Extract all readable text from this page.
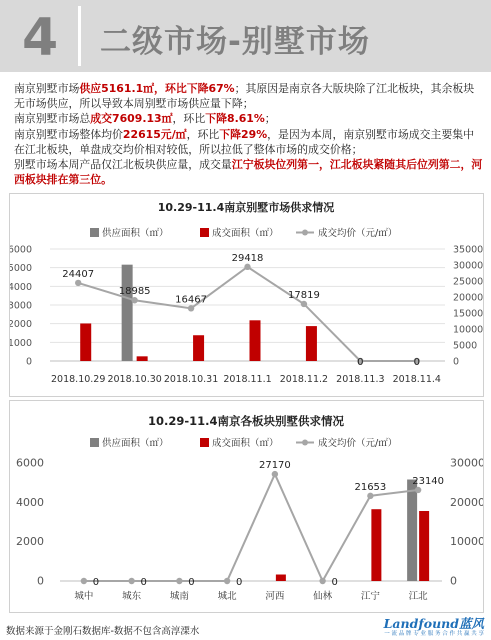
4 二级市场-别墅市场

南京别墅市场供应5161.1㎡，环比下降67%；其原因是南京各大版块除了江北板块，其余板块无市场供应，所以导致本周别墅市场供应量下降；

南京别墅市场总成交7609.13㎡，环比下降8.61%；

南京别墅市场整体均价22615元/㎡，环比下降29%，是因为本周，南京别墅市场成交主要集中在江北板块，单盘成交均价相对较低，所以拉低了整体市场的成交价格；

别墅市场本周产品仅江北板块供应量，成交量江宁板块位列第一，江北板块紧随其后位列第二，河西板块排在第三位。

10.29-11.4南京别墅市场供求情况
供应面积（㎡）	成交面积（㎡）	成交均价（元/㎡）
0
1000
2000
3000
4000
5000
6000
0
5000
10000
15000
20000
25000
30000
35000
2018.10.29 2018.10.30 2018.10.31 2018.11.1 2018.11.2 2018.11.3 2018.11.4
24407
18985
16467
29418
17819
0	0
10.29-11.4南京各板块别墅供求情况
供应面积（㎡）	成交面积（㎡）	成交均价（元/㎡）
0
2000
4000
6000
0
10000
20000
30000
城中	城东	城南	城北	河西	仙林	江宁	江北
0	0	0	0
27170
0
21653
23140
数据来源于金刚石数据库-数据不包含高淳溧水
Landfound蓝风
一 流 品 牌 专 业 服 务 合 作 共 赢 共 享
